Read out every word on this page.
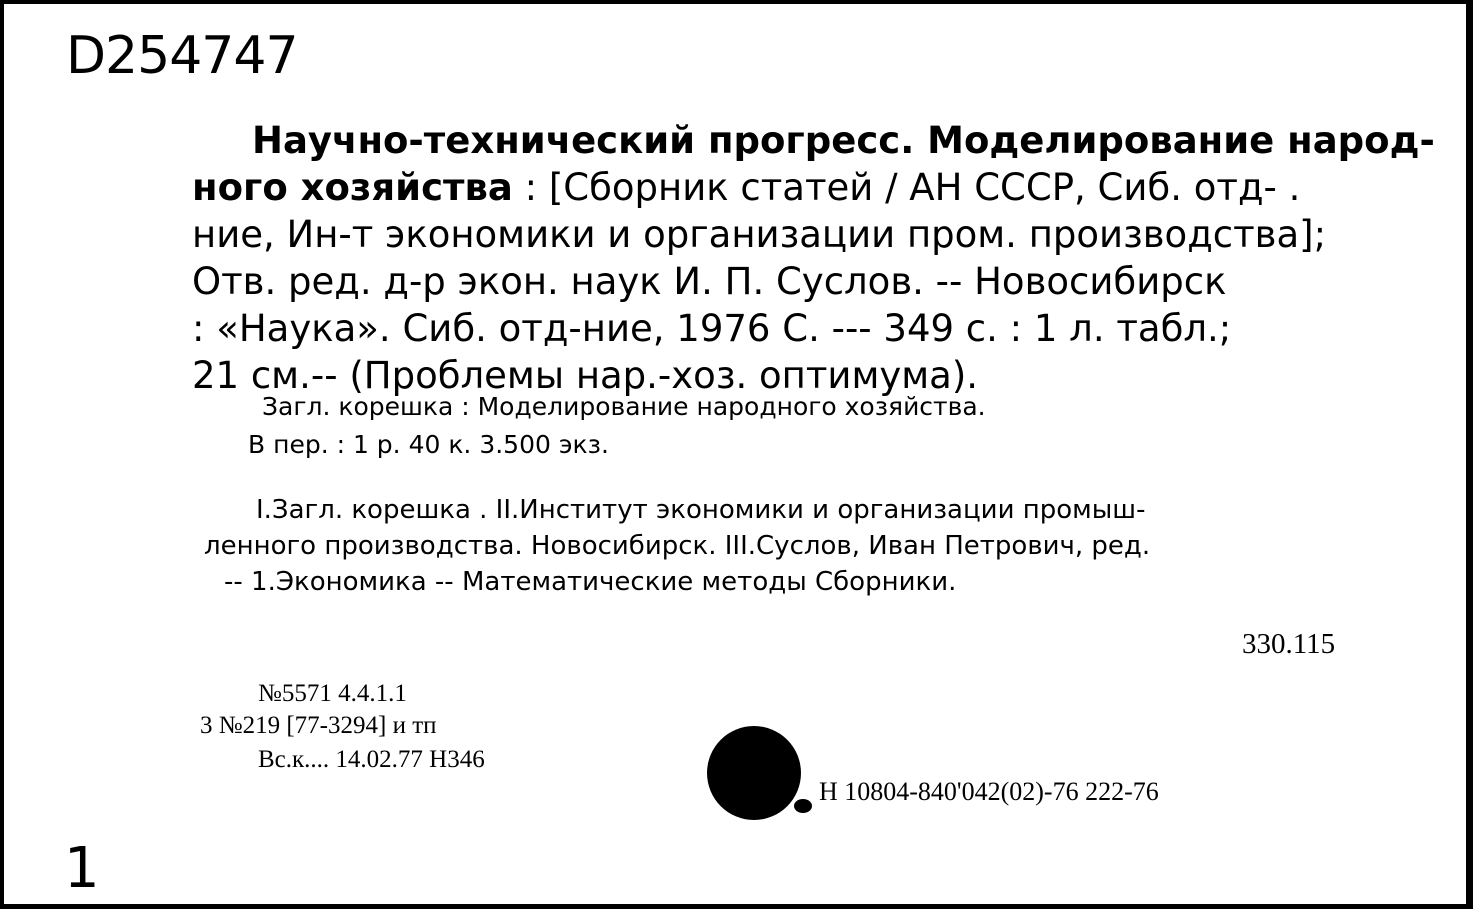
D254747
Научно-технический прогресс. Моделирование народ-
ного хозяйства : [Сборник статей / АН СССР, Сиб. отд- .
ние, Ин-т экономики и организации пром. производства];
Отв. ред. д-р экон. наук И. П. Суслов. -- Новосибирск
: «Наука». Сиб. отд-ние, 1976 С. --- 349 с. : 1 л. табл.;
21 см.-- (Проблемы нар.-хоз. оптимума).
Загл. корешка : Моделирование народного хозяйства.
В пер. : 1 р. 40 к. 3.500 экз.
I.Загл. корешка . II.Институт экономики и организации промыш-
ленного производства. Новосибирск. III.Суслов, Иван Петрович, ред.
-- 1.Экономика -- Математические методы Сборники.
330.115
№5571 4.4.1.1
3 №219 [77-3294] и тп
Вс.к.... 14.02.77 Н346
Н 10804-840'042(02)-76 222-76
1
